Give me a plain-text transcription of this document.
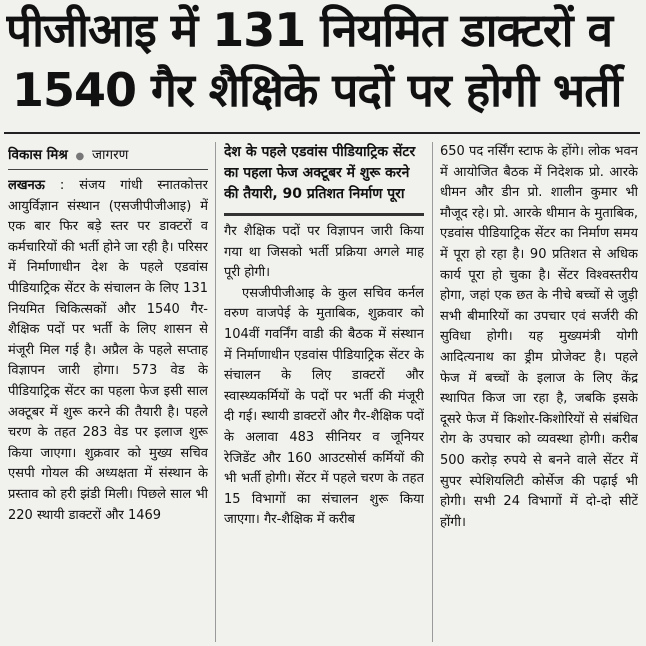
पीजीआइ में 131 नियमित डाक्टरों व
1540 गैर शैक्षिके पदों पर होगी भर्ती
विकास मिश्र ● जागरण

लखनऊ : संजय गांधी स्नातकोत्तर आयुर्विज्ञान संस्थान (एसजीपीजीआइ) में एक बार फिर बड़े स्तर पर डाक्टरों व कर्मचारियों की भर्ती होने जा रही है। परिसर में निर्माणाधीन देश के पहले एडवांस पीडियाट्रिक सेंटर के संचालन के लिए 131 नियमित चिकित्सकों और 1540 गैर-शैक्षिक पदों पर भर्ती के लिए शासन से मंजूरी मिल गई है। अप्रैल के पहले सप्ताह विज्ञापन जारी होगा। 573 वेड के पीडियाट्रिक सेंटर का पहला फेज इसी साल अक्टूबर में शुरू करने की तैयारी है। पहले चरण के तहत 283 वेड पर इलाज शुरू किया जाएगा। शुक्रवार को मुख्य सचिव एसपी गोयल की अध्यक्षता में संस्थान के प्रस्ताव को हरी झंडी मिली। पिछले साल भी 220 स्थायी डाक्टरों और 1469

देश के पहले एडवांस पीडियाट्रिक सेंटर का पहला फेज अक्टूबर में शुरू करने की तैयारी, 90 प्रतिशत निर्माण पूरा

गैर शैक्षिक पदों पर विज्ञापन जारी किया गया था जिसको भर्ती प्रक्रिया अगले माह पूरी होगी।

एसजीपीजीआइ के कुल सचिव कर्नल वरुण वाजपेई के मुताबिक, शुक्रवार को 104वीं गवर्निंग वाडी की बैठक में संस्थान में निर्माणाधीन एडवांस पीडियाट्रिक सेंटर के संचालन के लिए डाक्टरों और स्वास्थ्यकर्मियों के पदों पर भर्ती की मंजूरी दी गई। स्थायी डाक्टरों और गैर-शैक्षिक पदों के अलावा 483 सीनियर व जूनियर रेजिडेंट और 160 आउटसोर्स कर्मियों की भी भर्ती होगी। सेंटर में पहले चरण के तहत 15 विभागों का संचालन शुरू किया जाएगा। गैर-शैक्षिक में करीब

650 पद नर्सिंग स्टाफ के होंगे। लोक भवन में आयोजित बैठक में निदेशक प्रो. आरके धीमन और डीन प्रो. शालीन कुमार भी मौजूद रहे। प्रो. आरके धीमान के मुताबिक, एडवांस पीडियाट्रिक सेंटर का निर्माण समय में पूरा हो रहा है। 90 प्रतिशत से अधिक कार्य पूरा हो चुका है। सेंटर विश्वस्तरीय होगा, जहां एक छत के नीचे बच्चों से जुड़ी सभी बीमारियों का उपचार एवं सर्जरी की सुविधा होगी। यह मुख्यमंत्री योगी आदित्यनाथ का ड्रीम प्रोजेक्ट है। पहले फेज में बच्चों के इलाज के लिए केंद्र स्थापित किज जा रहा है, जबकि इसके दूसरे फेज में किशोर-किशोरियों से संबंधित रोग के उपचार को व्यवस्था होगी। करीब 500 करोड़ रुपये से बनने वाले सेंटर में सुपर स्पेशियलिटी कोर्सेज की पढ़ाई भी होगी। सभी 24 विभागों में दो-दो सीटें होंगी।
